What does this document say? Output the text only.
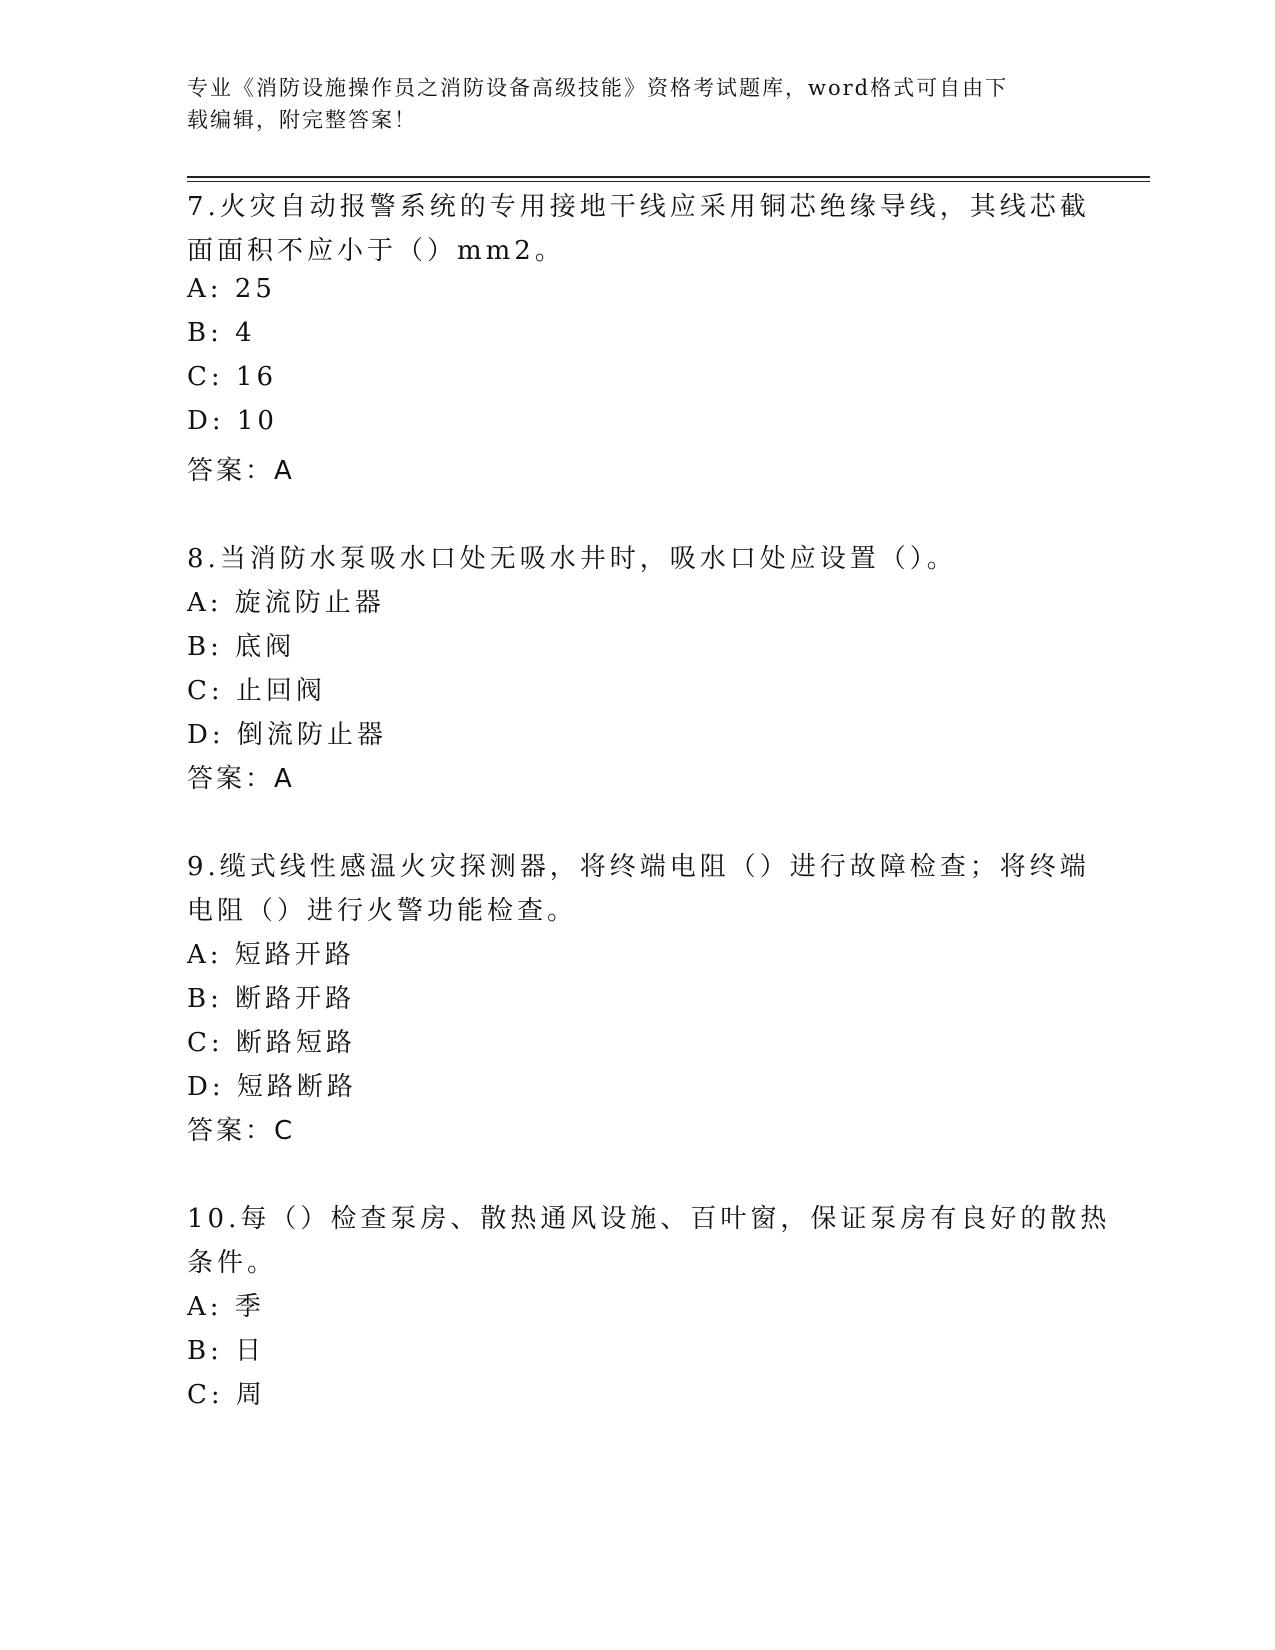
专业《消防设施操作员之消防设备高级技能》资格考试题库，word格式可自由下
载编辑，附完整答案！
7.火灾自动报警系统的专用接地干线应采用铜芯绝缘导线，其线芯截
面面积不应小于（）mm2。
A: 25
B: 4
C: 16
D: 10
答案：A
8.当消防水泵吸水口处无吸水井时，吸水口处应设置（）。
A: 旋流防止器
B: 底阀
C: 止回阀
D: 倒流防止器
答案：A
9.缆式线性感温火灾探测器，将终端电阻（）进行故障检查；将终端
电阻（）进行火警功能检查。
A: 短路开路
B: 断路开路
C: 断路短路
D: 短路断路
答案：C
10.每（）检查泵房、散热通风设施、百叶窗，保证泵房有良好的散热
条件。
A: 季
B: 日
C: 周
